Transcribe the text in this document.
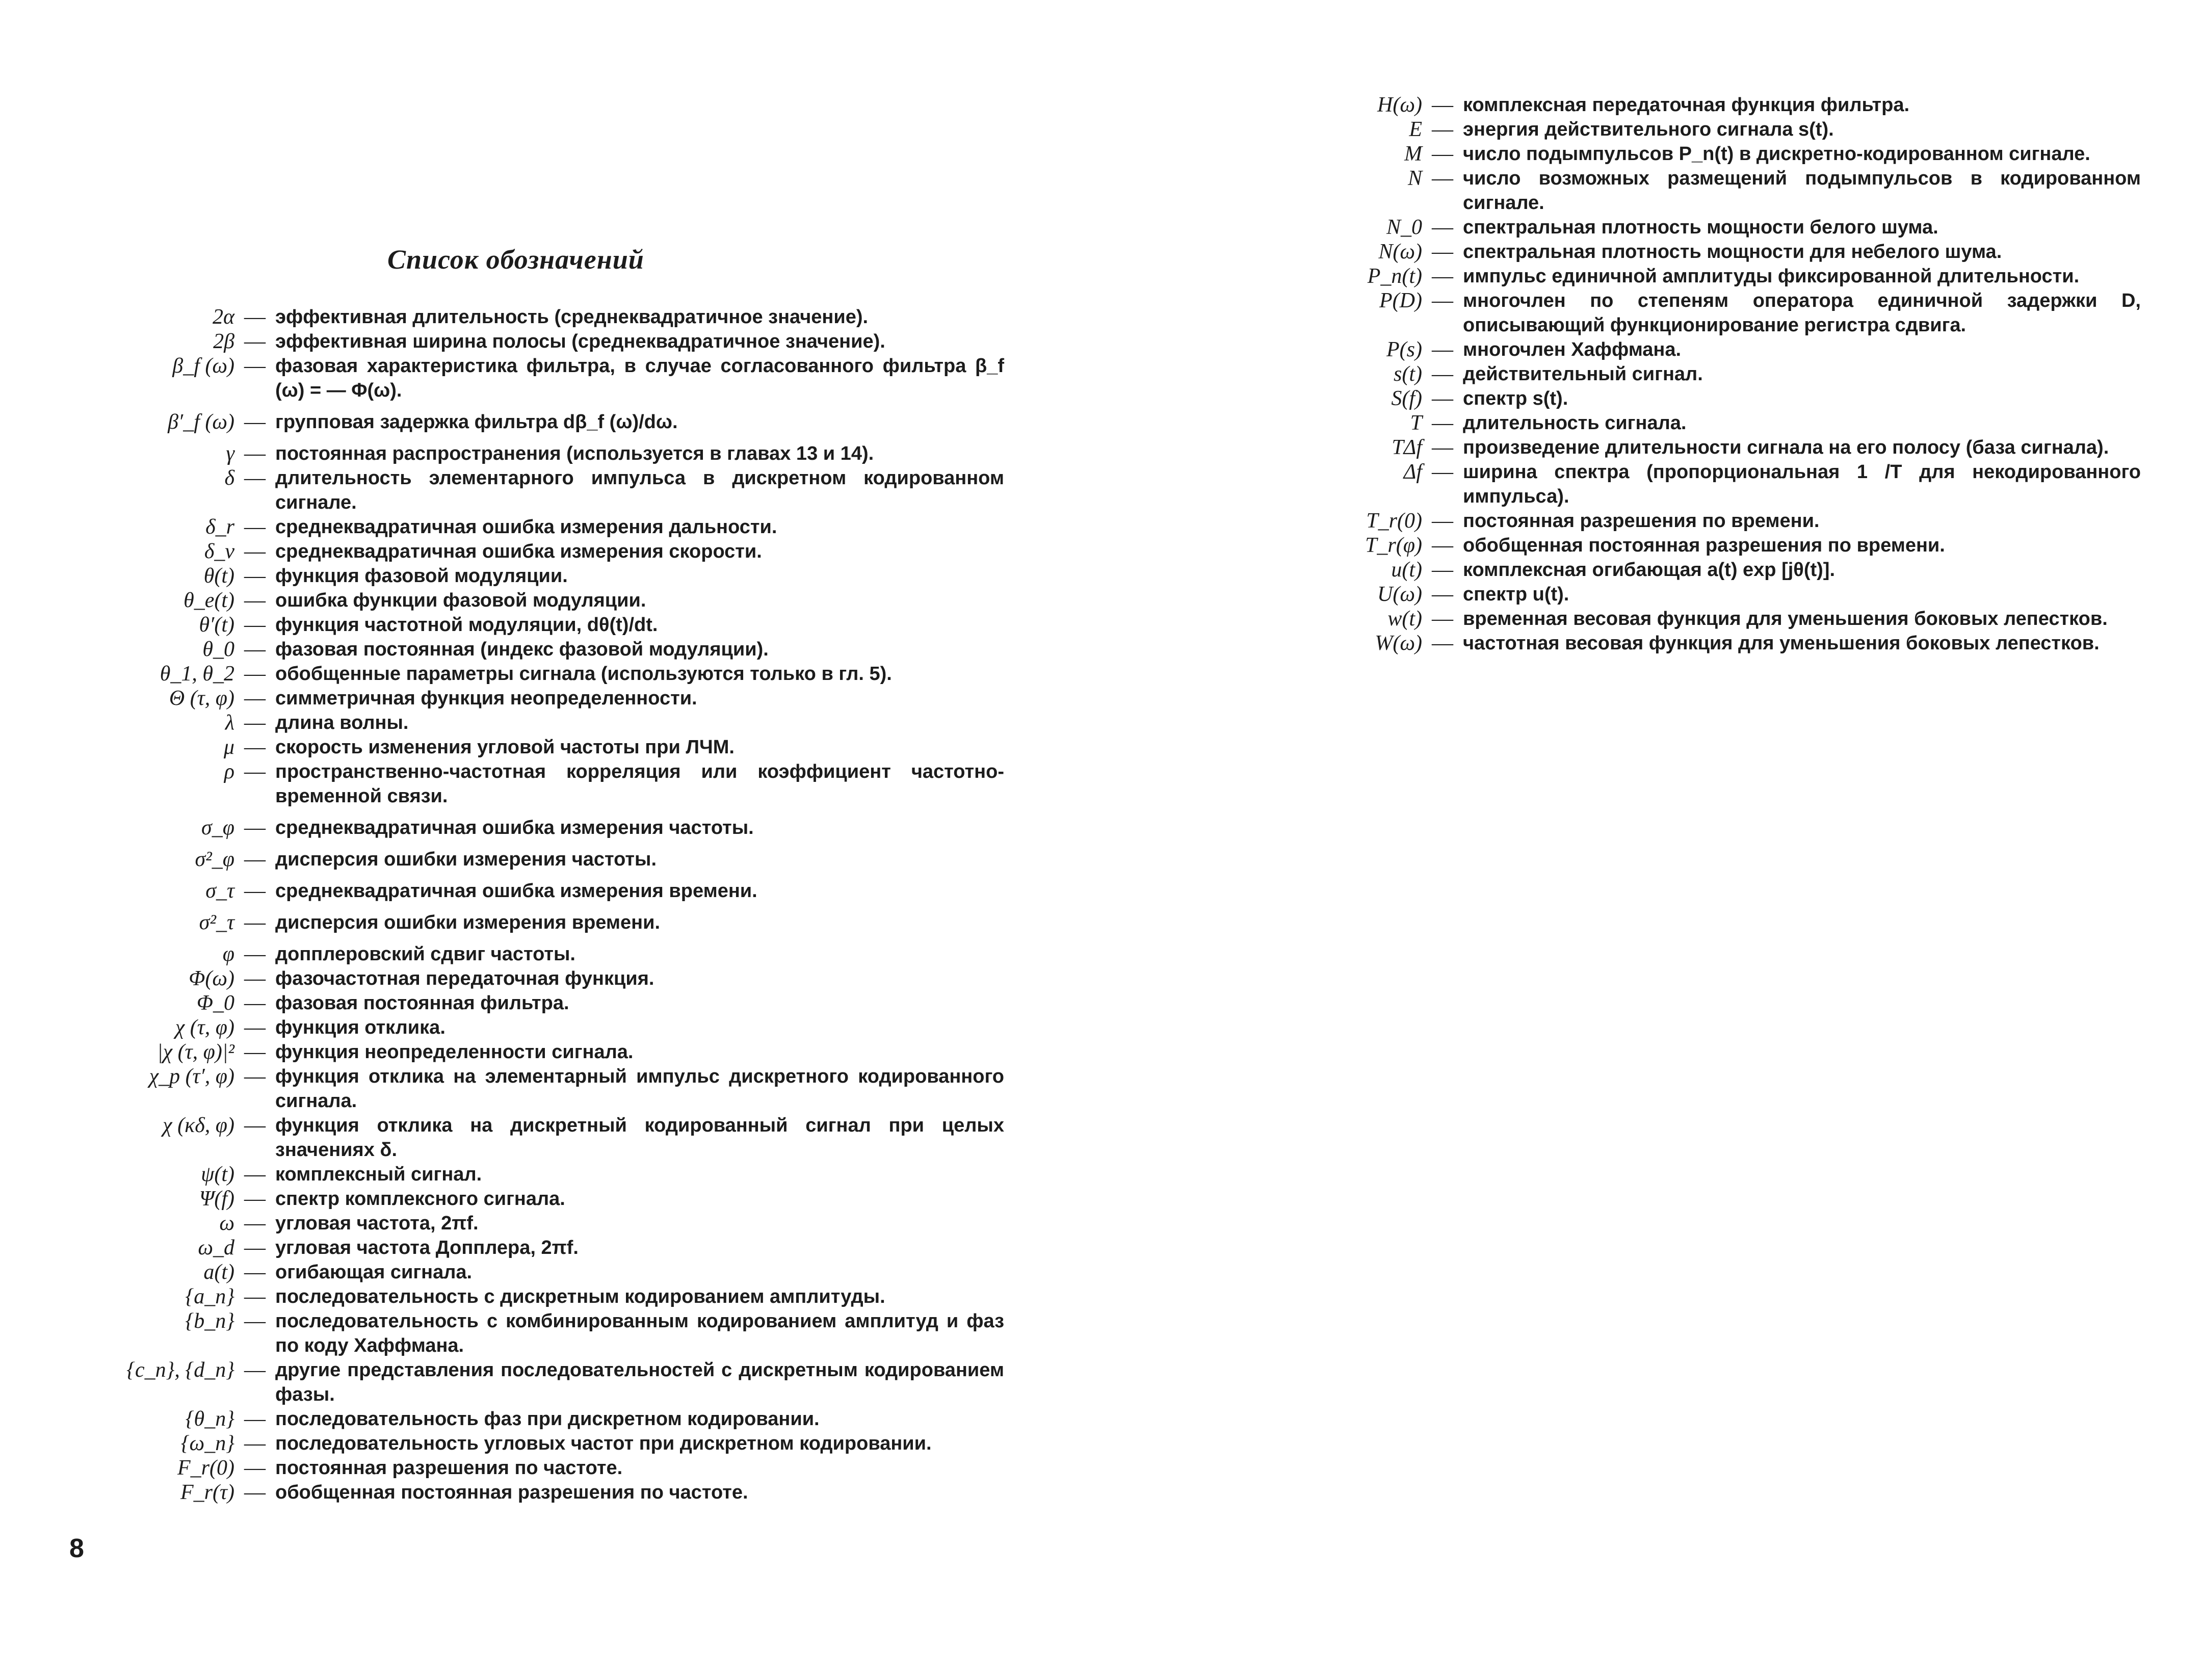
Список обозначений
2α — эффективная длительность (среднеквадратичное значение).
2β — эффективная ширина полосы (среднеквадратичное значение).
β_f (ω) — фазовая характеристика фильтра, в случае согласованного фильтра β_f (ω) = — Φ(ω).
β′_f (ω) — групповая задержка фильтра dβ_f (ω)/dω.
γ — постоянная распространения (используется в главах 13 и 14).
δ — длительность элементарного импульса в дискретном кодированном сигнале.
δ_r — среднеквадратичная ошибка измерения дальности.
δ_v — среднеквадратичная ошибка измерения скорости.
θ(t) — функция фазовой модуляции.
θ_e(t) — ошибка функции фазовой модуляции.
θ′(t) — функция частотной модуляции, dθ(t)/dt.
θ_0 — фазовая постоянная (индекс фазовой модуляции).
θ_1, θ_2 — обобщенные параметры сигнала (используются только в гл. 5).
Θ (τ, φ) — симметричная функция неопределенности.
λ — длина волны.
μ — скорость изменения угловой частоты при ЛЧМ.
ρ — пространственно-частотная корреляция или коэффициент частотно-временной связи.
σ_φ — среднеквадратичная ошибка измерения частоты.
σ²_φ — дисперсия ошибки измерения частоты.
σ_τ — среднеквадратичная ошибка измерения времени.
σ²_τ — дисперсия ошибки измерения времени.
φ — допплеровский сдвиг частоты.
Φ(ω) — фазочастотная передаточная функция.
Φ_0 — фазовая постоянная фильтра.
χ (τ, φ) — функция отклика.
|χ (τ, φ)|² — функция неопределенности сигнала.
χ_p (τ′, φ) — функция отклика на элементарный импульс дискретного кодированного сигнала.
χ (κδ, φ) — функция отклика на дискретный кодированный сигнал при целых значениях δ.
ψ(t) — комплексный сигнал.
Ψ(f) — спектр комплексного сигнала.
ω — угловая частота, 2πf.
ω_d — угловая частота Допплера, 2πf.
a(t) — огибающая сигнала.
{a_n} — последовательность с дискретным кодированием амплитуды.
{b_n} — последовательность с комбинированным кодированием амплитуд и фаз по коду Хаффмана.
{c_n}, {d_n} — другие представления последовательностей с дискретным кодированием фазы.
{θ_n} — последовательность фаз при дискретном кодировании.
{ω_n} — последовательность угловых частот при дискретном кодировании.
F_r(0) — постоянная разрешения по частоте.
F_r(τ) — обобщенная постоянная разрешения по частоте.
8
H(ω) — комплексная передаточная функция фильтра.
E — энергия действительного сигнала s(t).
M — число подымпульсов P_n(t) в дискретно-кодированном сигнале.
N — число возможных размещений подымпульсов в кодированном сигнале.
N_0 — спектральная плотность мощности белого шума.
N(ω) — спектральная плотность мощности для небелого шума.
P_n(t) — импульс единичной амплитуды фиксированной длительности.
P(D) — многочлен по степеням оператора единичной задержки D, описывающий функционирование регистра сдвига.
P(s) — многочлен Хаффмана.
s(t) — действительный сигнал.
S(f) — спектр s(t).
T — длительность сигнала.
TΔf — произведение длительности сигнала на его полосу (база сигнала).
Δf — ширина спектра (пропорциональная 1 /T для некодированного импульса).
T_r(0) — постоянная разрешения по времени.
T_r(φ) — обобщенная постоянная разрешения по времени.
u(t) — комплексная огибающая a(t) exp [jθ(t)].
U(ω) — спектр u(t).
w(t) — временная весовая функция для уменьшения боковых лепестков.
W(ω) — частотная весовая функция для уменьшения боковых лепестков.
